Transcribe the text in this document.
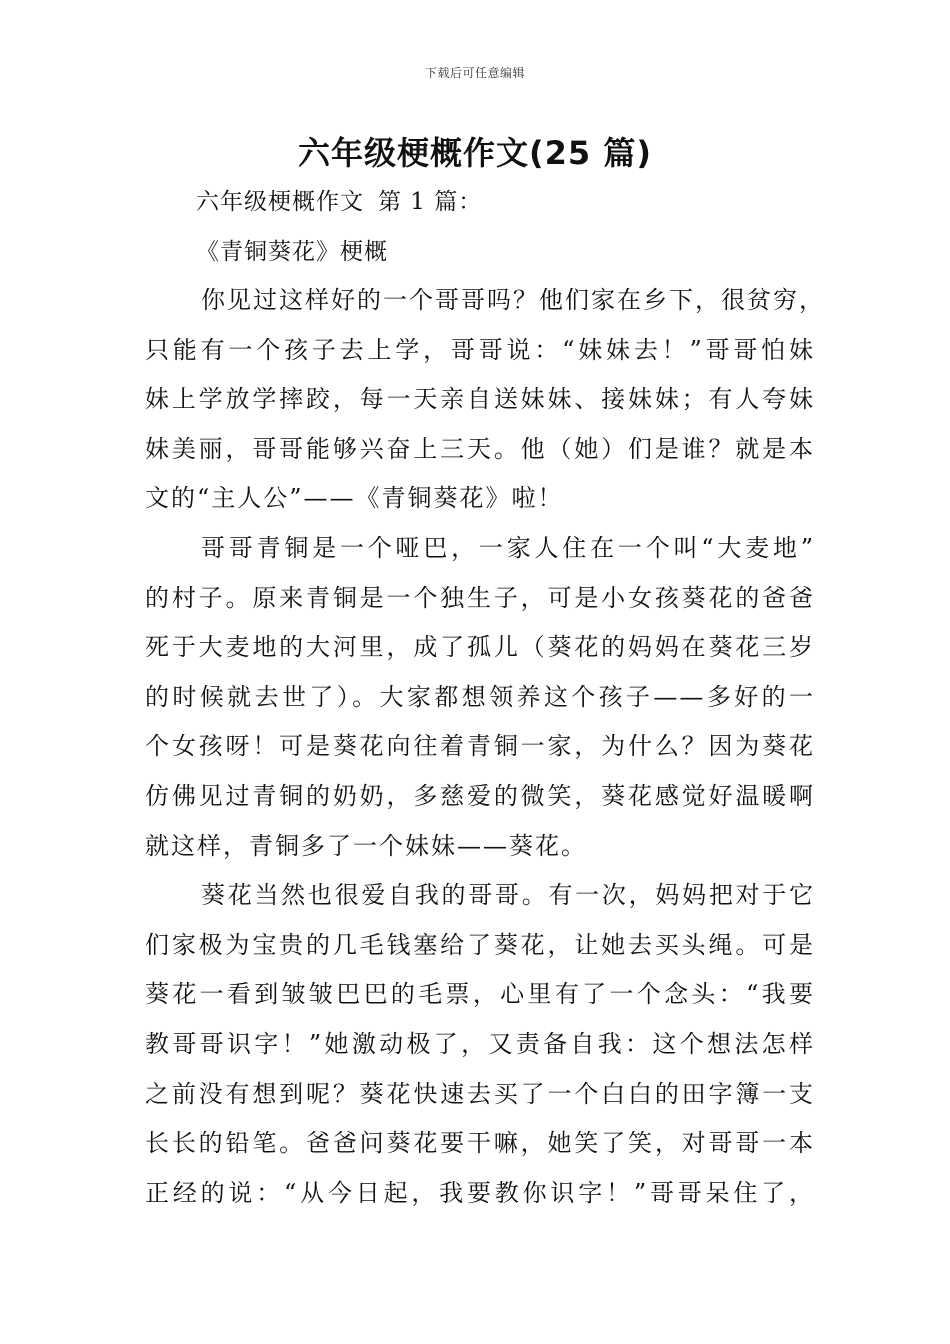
下载后可任意编辑
六年级梗概作文(25 篇)
六年级梗概作文 第 1 篇：
《青铜葵花》梗概
你见过这样好的一个哥哥吗？他们家在乡下，很贫穷，
只能有一个孩子去上学，哥哥说：“妹妹去！”哥哥怕妹
妹上学放学摔跤，每一天亲自送妹妹、接妹妹；有人夸妹
妹美丽，哥哥能够兴奋上三天。他（她）们是谁？就是本
文的“主人公”——《青铜葵花》啦！
哥哥青铜是一个哑巴，一家人住在一个叫“大麦地”
的村子。原来青铜是一个独生子，可是小女孩葵花的爸爸
死于大麦地的大河里，成了孤儿（葵花的妈妈在葵花三岁
的时候就去世了）。大家都想领养这个孩子——多好的一
个女孩呀！可是葵花向往着青铜一家，为什么？因为葵花
仿佛见过青铜的奶奶，多慈爱的微笑，葵花感觉好温暖啊
就这样，青铜多了一个妹妹——葵花。
葵花当然也很爱自我的哥哥。有一次，妈妈把对于它
们家极为宝贵的几毛钱塞给了葵花，让她去买头绳。可是
葵花一看到皱皱巴巴的毛票，心里有了一个念头：“我要
教哥哥识字！”她激动极了，又责备自我：这个想法怎样
之前没有想到呢？葵花快速去买了一个白白的田字簿一支
长长的铅笔。爸爸问葵花要干嘛，她笑了笑，对哥哥一本
正经的说：“从今日起，我要教你识字！”哥哥呆住了，
